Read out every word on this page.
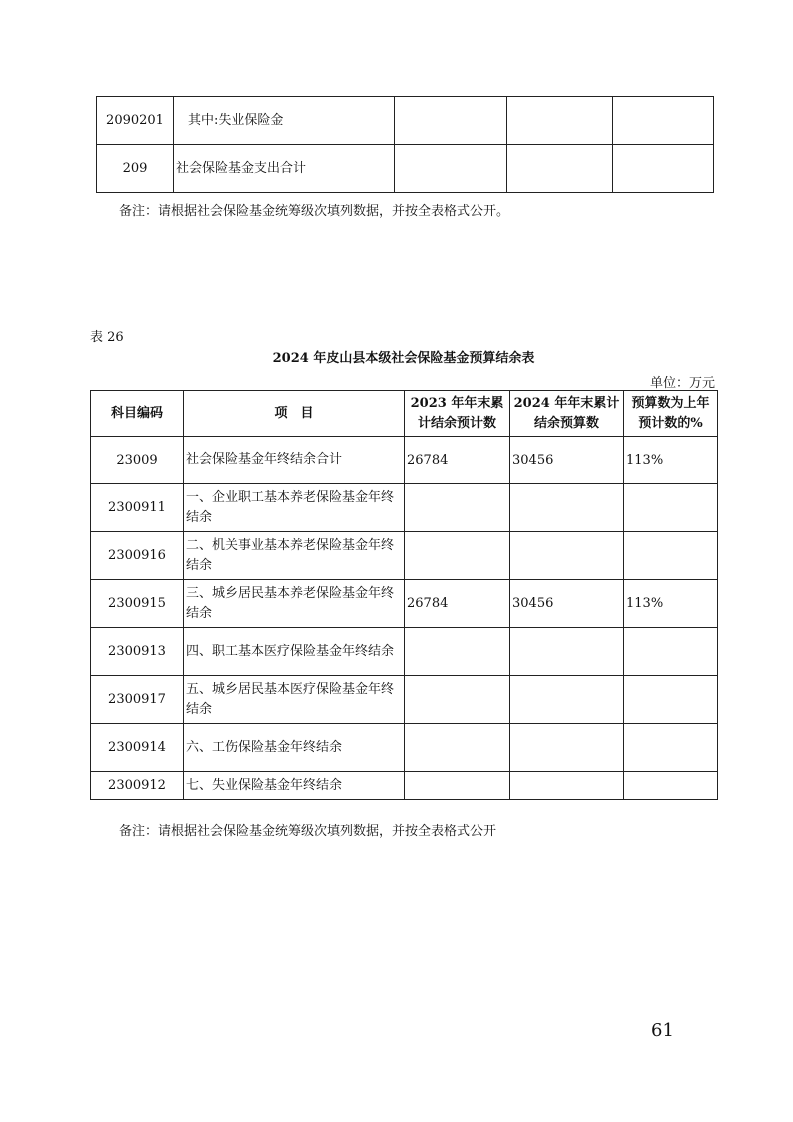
2090201	其中:失业保险金			
209	社会保险基金支出合计			
备注：请根据社会保险基金统筹级次填列数据，并按全表格式公开。
表 26
2024 年皮山县本级社会保险基金预算结余表
单位：万元
科目编码	项　目	2023 年年末累计结余预计数	2024 年年末累计结余预算数	预算数为上年预计数的%
23009	社会保险基金年终结余合计	26784	30456	113%
2300911	一、企业职工基本养老保险基金年终结余			
2300916	二、机关事业基本养老保险基金年终结余			
2300915	三、城乡居民基本养老保险基金年终结余	26784	30456	113%
2300913	四、职工基本医疗保险基金年终结余			
2300917	五、城乡居民基本医疗保险基金年终结余			
2300914	六、工伤保险基金年终结余			
2300912	七、失业保险基金年终结余			
备注：请根据社会保险基金统筹级次填列数据，并按全表格式公开
61
